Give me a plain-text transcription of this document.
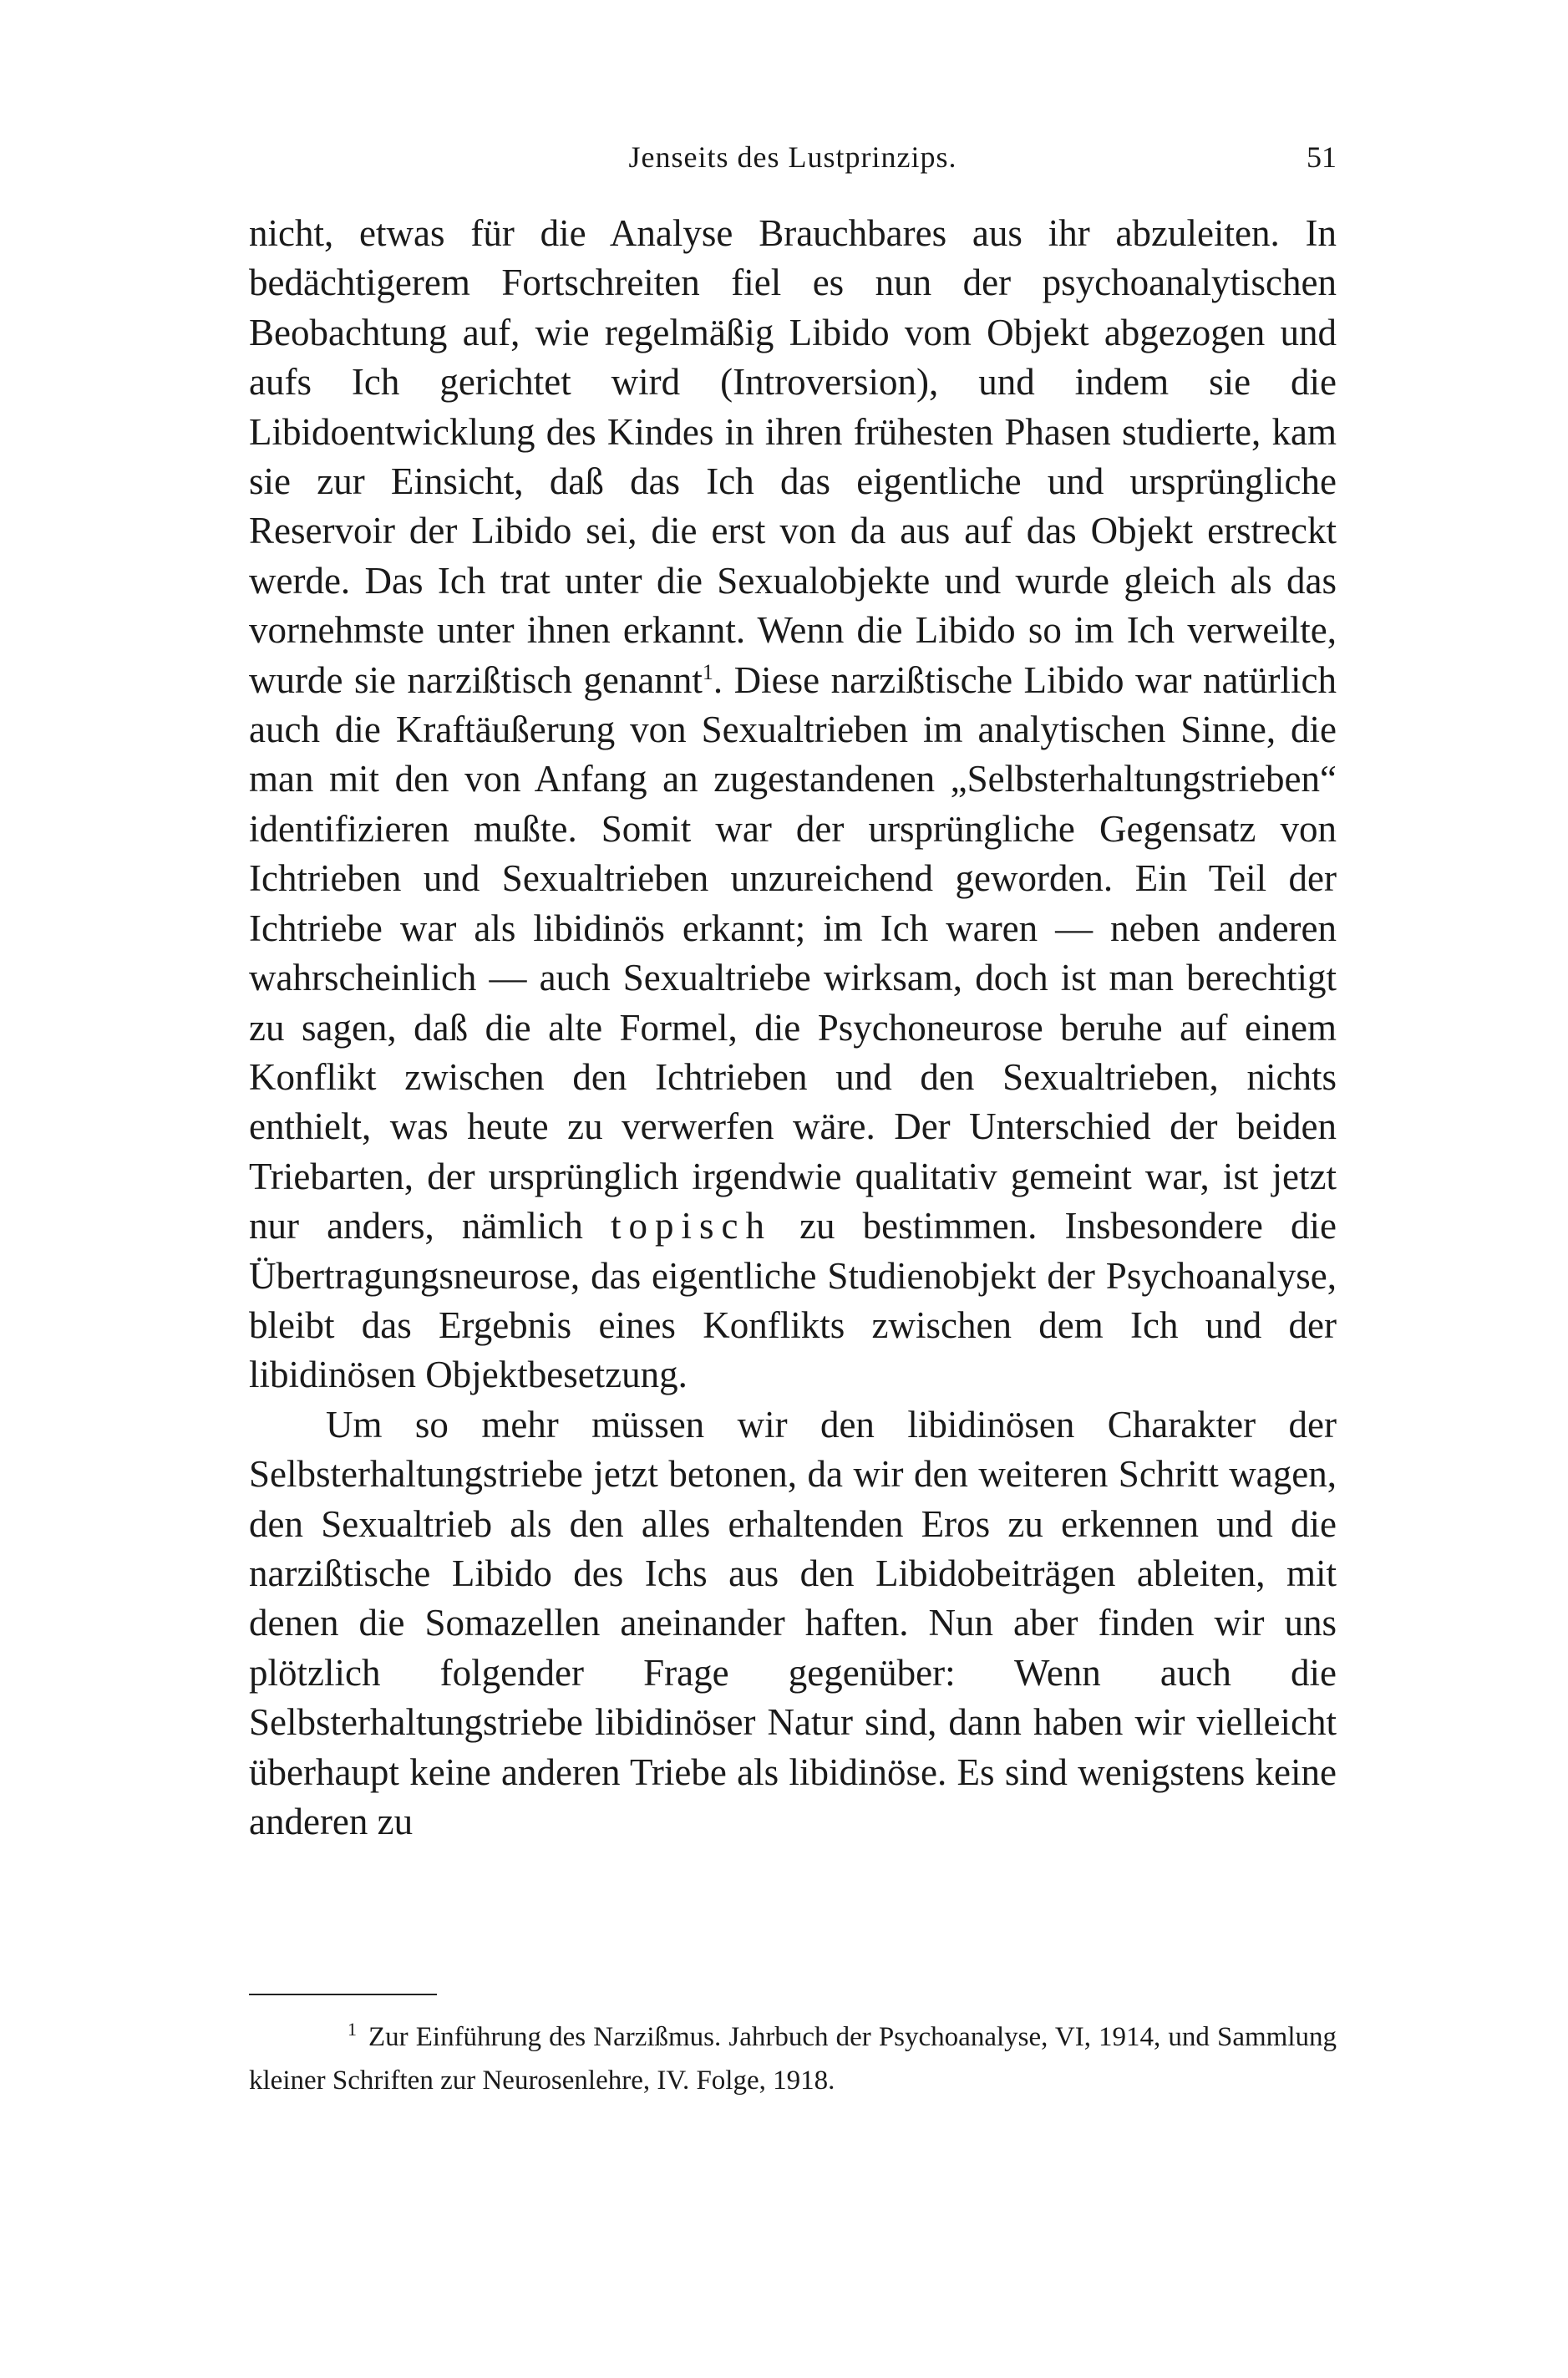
Jenseits des Lustprinzips.	51

nicht, etwas für die Analyse Brauchbares aus ihr abzuleiten. In bedächtigerem Fortschreiten fiel es nun der psychoanalytischen Beobachtung auf, wie regelmäßig Libido vom Objekt abgezogen und aufs Ich gerichtet wird (Introversion), und indem sie die Libidoentwicklung des Kindes in ihren frühesten Phasen studierte, kam sie zur Einsicht, daß das Ich das eigentliche und ursprüngliche Reservoir der Libido sei, die erst von da aus auf das Objekt erstreckt werde. Das Ich trat unter die Sexualobjekte und wurde gleich als das vornehmste unter ihnen erkannt. Wenn die Libido so im Ich verweilte, wurde sie narzißtisch genannt$^1$. Diese narzißtische Libido war natürlich auch die Kraftäußerung von Sexualtrieben im analytischen Sinne, die man mit den von Anfang an zugestandenen „Selbsterhaltungstrieben“ identifizieren mußte. Somit war der ursprüngliche Gegensatz von Ichtrieben und Sexualtrieben unzureichend geworden. Ein Teil der Ichtriebe war als libidinös erkannt; im Ich waren — neben anderen wahrscheinlich — auch Sexualtriebe wirksam, doch ist man berechtigt zu sagen, daß die alte Formel, die Psychoneurose beruhe auf einem Konflikt zwischen den Ichtrieben und den Sexualtrieben, nichts enthielt, was heute zu verwerfen wäre. Der Unterschied der beiden Triebarten, der ursprünglich irgendwie qualitativ gemeint war, ist jetzt nur anders, nämlich topisch zu bestimmen. Insbesondere die Übertragungsneurose, das eigentliche Studienobjekt der Psychoanalyse, bleibt das Ergebnis eines Konflikts zwischen dem Ich und der libidinösen Objektbesetzung.

Um so mehr müssen wir den libidinösen Charakter der Selbsterhaltungstriebe jetzt betonen, da wir den weiteren Schritt wagen, den Sexualtrieb als den alles erhaltenden Eros zu erkennen und die narzißtische Libido des Ichs aus den Libidobeiträgen ableiten, mit denen die Somazellen aneinander haften. Nun aber finden wir uns plötzlich folgender Frage gegenüber: Wenn auch die Selbsterhaltungstriebe libidinöser Natur sind, dann haben wir vielleicht überhaupt keine anderen Triebe als libidinöse. Es sind wenigstens keine anderen zu

$^1$ Zur Einführung des Narzißmus. Jahrbuch der Psychoanalyse, VI, 1914, und Sammlung kleiner Schriften zur Neurosenlehre, IV. Folge, 1918.
